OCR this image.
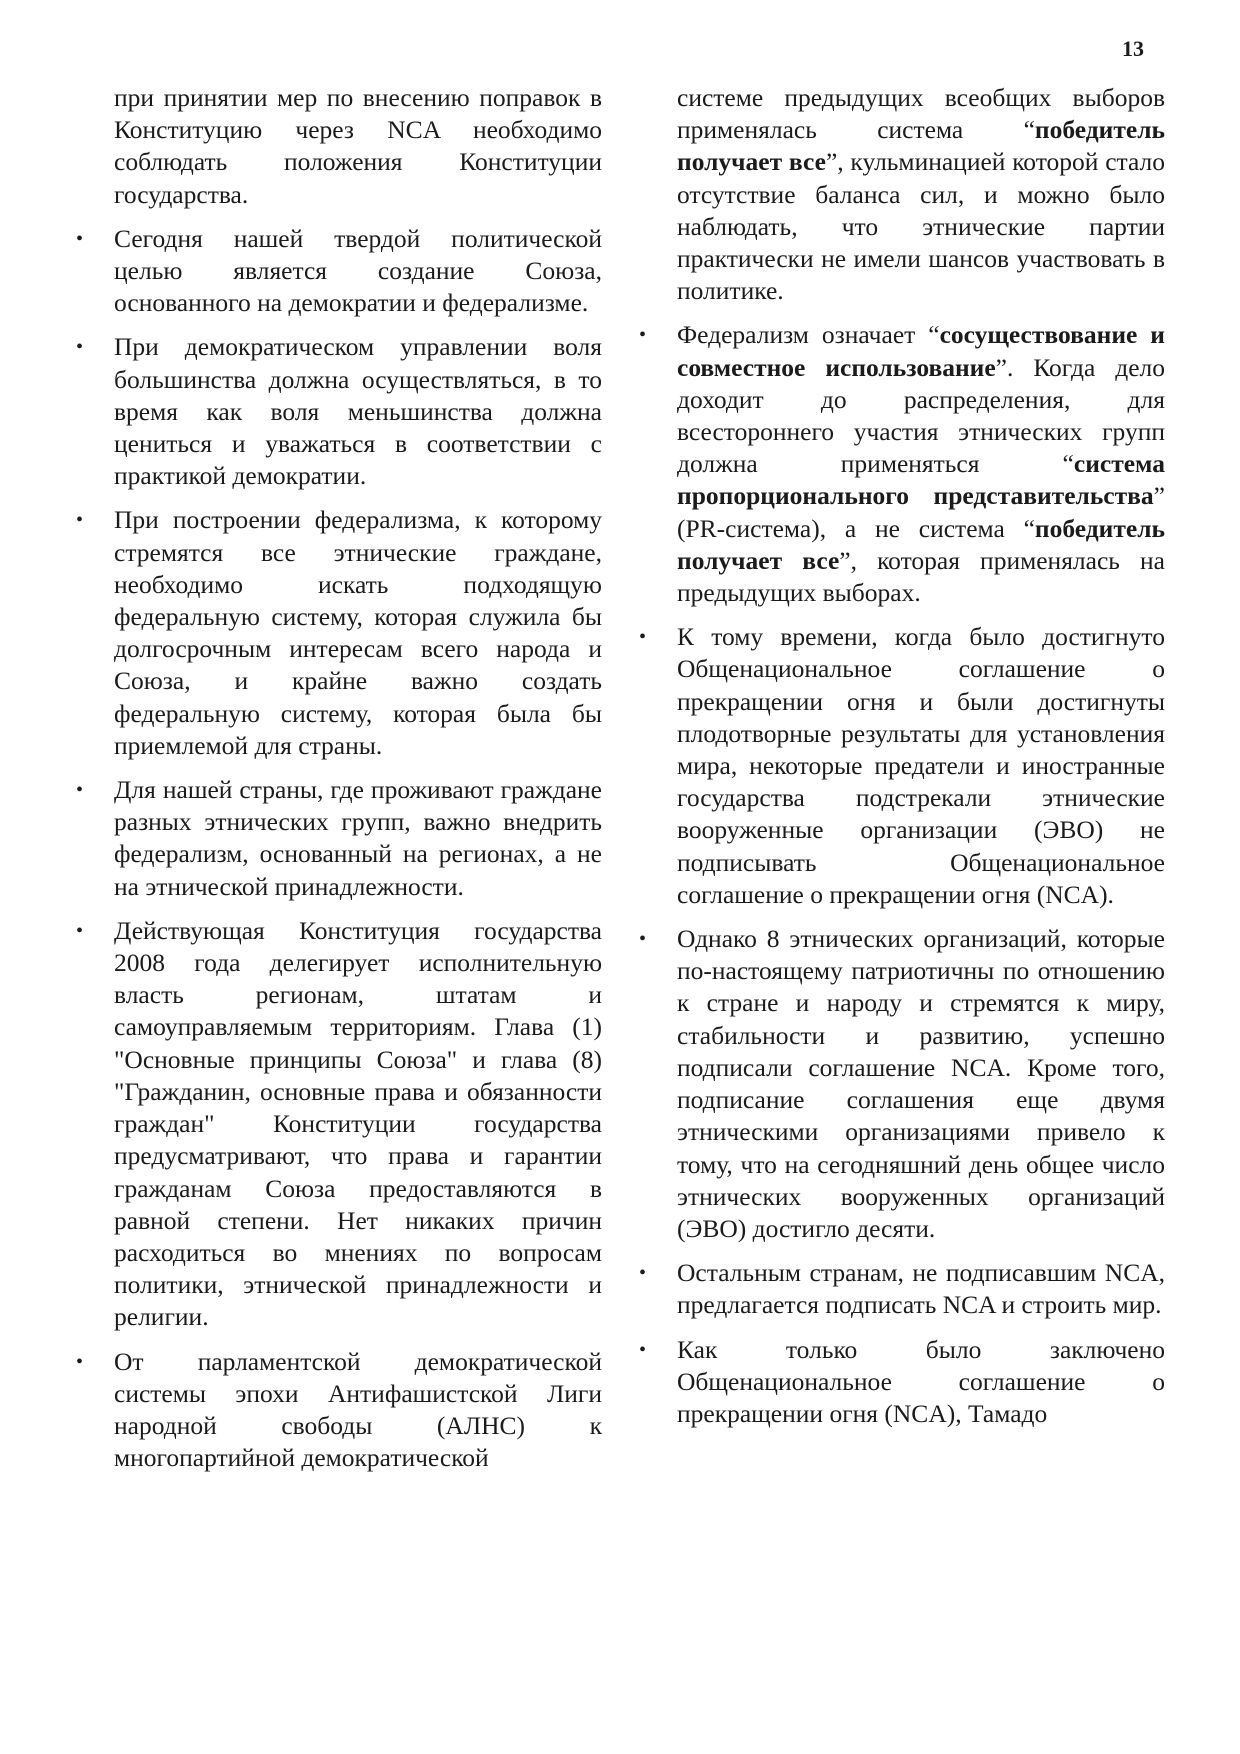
13

при принятии мер по внесению поправок в Конституцию через NCA необходимо соблюдать положения Конституции государства.

• Сегодня нашей твердой политической целью является создание Союза, основанного на демократии и федерализме.

• При демократическом управлении воля большинства должна осуществляться, в то время как воля меньшинства должна цениться и уважаться в соответствии с практикой демократии.

• При построении федерализма, к которому стремятся все этнические граждане, необходимо искать подходящую федеральную систему, которая служила бы долгосрочным интересам всего народа и Союза, и крайне важно создать федеральную систему, которая была бы приемлемой для страны.

• Для нашей страны, где проживают граждане разных этнических групп, важно внедрить федерализм, основанный на регионах, а не на этнической принадлежности.

• Действующая Конституция государства 2008 года делегирует исполнительную власть регионам, штатам и самоуправляемым территориям. Глава (1) "Основные принципы Союза" и глава (8) "Гражданин, основные права и обязанности граждан" Конституции государства предусматривают, что права и гарантии гражданам Союза предоставляются в равной степени. Нет никаких причин расходиться во мнениях по вопросам политики, этнической принадлежности и религии.

• От парламентской демократической системы эпохи Антифашистской Лиги народной свободы (АЛНС) к многопартийной демократической

системе предыдущих всеобщих выборов применялась система “победитель получает все”, кульминацией которой стало отсутствие баланса сил, и можно было наблюдать, что этнические партии практически не имели шансов участвовать в политике.

• Федерализм означает “сосуществование и совместное использование”. Когда дело доходит до распределения, для всестороннего участия этнических групп должна применяться “система пропорционального представительства” (PR-система), а не система “победитель получает все”, которая применялась на предыдущих выборах.

• К тому времени, когда было достигнуто Общенациональное соглашение о прекращении огня и были достигнуты плодотворные результаты для установления мира, некоторые предатели и иностранные государства подстрекали этнические вооруженные организации (ЭВО) не подписывать Общенациональное соглашение о прекращении огня (NCA).

• Однако 8 этнических организаций, которые по-настоящему патриотичны по отношению к стране и народу и стремятся к миру, стабильности и развитию, успешно подписали соглашение NCA. Кроме того, подписание соглашения еще двумя этническими организациями привело к тому, что на сегодняшний день общее число этнических вооруженных организаций (ЭВО) достигло десяти.

• Остальным странам, не подписавшим NCA, предлагается подписать NCA и строить мир.

• Как только было заключено Общенациональное соглашение о прекращении огня (NCA), Тамадо
